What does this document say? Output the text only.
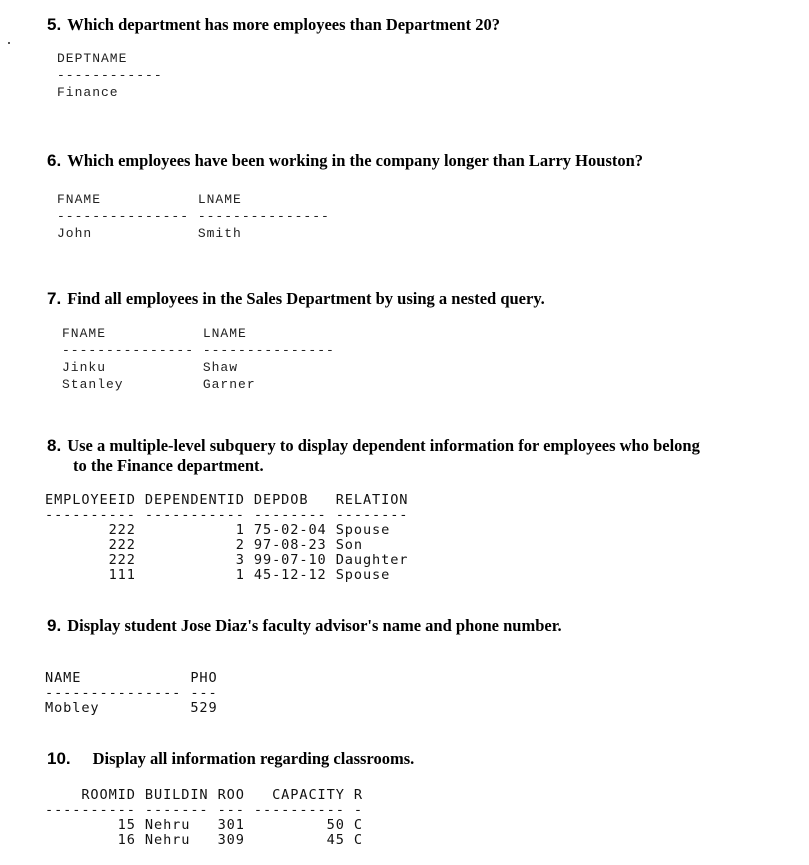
5. Which department has more employees than Department 20?
DEPTNAME
------------
Finance
6. Which employees have been working in the company longer than Larry Houston?
FNAME           LNAME
--------------- ---------------
John            Smith
7. Find all employees in the Sales Department by using a nested query.
FNAME           LNAME
--------------- ---------------
Jinku           Shaw
Stanley         Garner
8. Use a multiple-level subquery to display dependent information for employees who belong
to the Finance department.
EMPLOYEEID DEPENDENTID DEPDOB   RELATION
---------- ----------- -------- --------
222           1 75-02-04 Spouse
222           2 97-08-23 Son
222           3 99-07-10 Daughter
111           1 45-12-12 Spouse
9. Display student Jose Diaz's faculty advisor's name and phone number.
NAME            PHO
--------------- ---
Mobley          529
10. Display all information regarding classrooms.
ROOMID BUILDIN ROO   CAPACITY R
---------- ------- --- ---------- -
15 Nehru   301         50 C
16 Nehru   309         45 C
